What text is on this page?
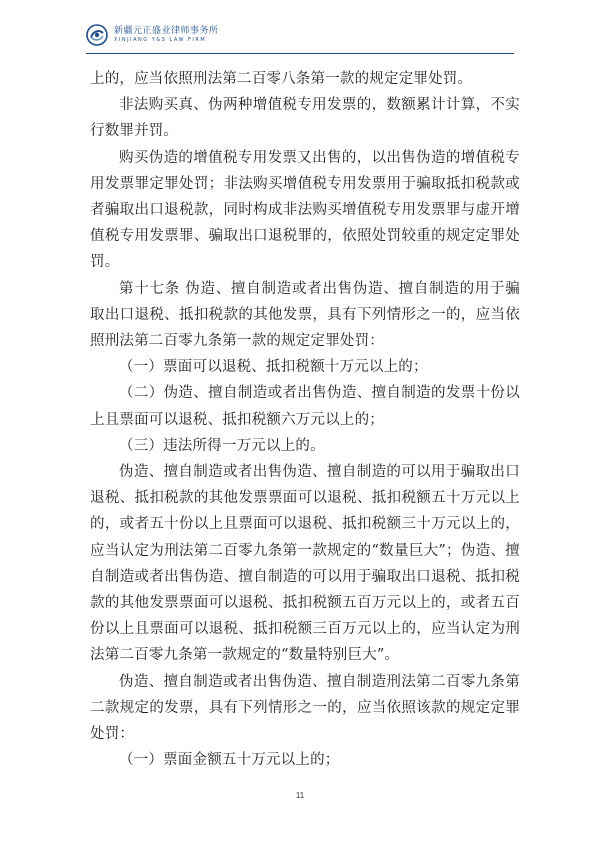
新疆元正盛业律师事务所
XINJIANG Y&S LAW FIRM

上的，应当依照刑法第二百零八条第一款的规定定罪处罚。

非法购买真、伪两种增值税专用发票的，数额累计计算，不实行数罪并罚。

购买伪造的增值税专用发票又出售的，以出售伪造的增值税专用发票罪定罪处罚；非法购买增值税专用发票用于骗取抵扣税款或者骗取出口退税款，同时构成非法购买增值税专用发票罪与虚开增值税专用发票罪、骗取出口退税罪的，依照处罚较重的规定定罪处罚。

第十七条 伪造、擅自制造或者出售伪造、擅自制造的用于骗取出口退税、抵扣税款的其他发票，具有下列情形之一的，应当依照刑法第二百零九条第一款的规定定罪处罚：

（一）票面可以退税、抵扣税额十万元以上的；

（二）伪造、擅自制造或者出售伪造、擅自制造的发票十份以上且票面可以退税、抵扣税额六万元以上的；

（三）违法所得一万元以上的。

伪造、擅自制造或者出售伪造、擅自制造的可以用于骗取出口退税、抵扣税款的其他发票票面可以退税、抵扣税额五十万元以上的，或者五十份以上且票面可以退税、抵扣税额三十万元以上的，应当认定为刑法第二百零九条第一款规定的“数量巨大”；伪造、擅自制造或者出售伪造、擅自制造的可以用于骗取出口退税、抵扣税款的其他发票票面可以退税、抵扣税额五百万元以上的，或者五百份以上且票面可以退税、抵扣税额三百万元以上的，应当认定为刑法第二百零九条第一款规定的“数量特别巨大”。

伪造、擅自制造或者出售伪造、擅自制造刑法第二百零九条第二款规定的发票，具有下列情形之一的，应当依照该款的规定定罪处罚：

（一）票面金额五十万元以上的；

11
